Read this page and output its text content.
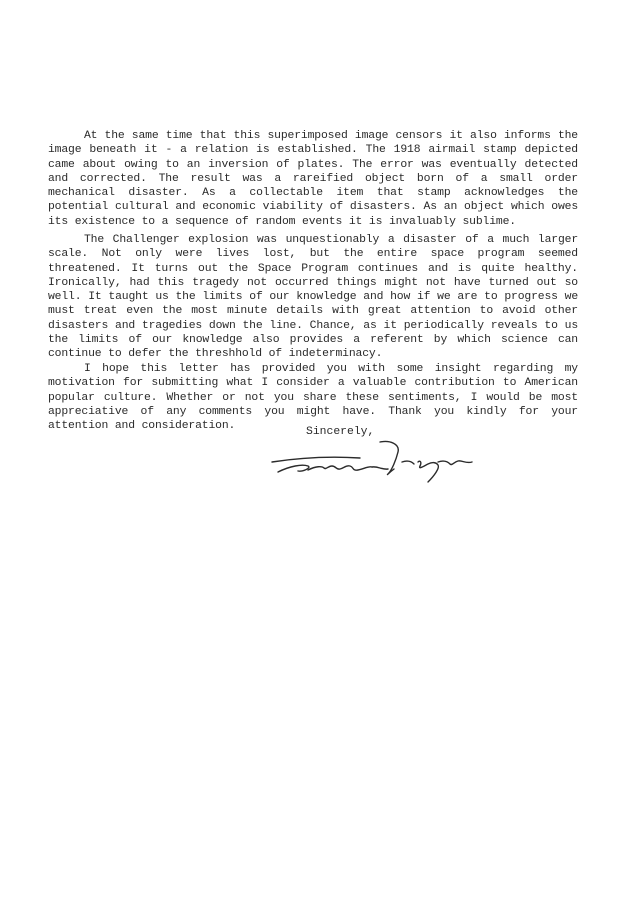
At the same time that this superimposed image censors it also informs the image beneath it - a relation is established. The 1918 airmail stamp depicted came about owing to an inversion of plates. The error was eventually detected and corrected. The result was a rareified object born of a small order mechanical disaster. As a collectable item that stamp acknowledges the potential cultural and economic viability of disasters. As an object which owes its existence to a sequence of random events it is invaluably sublime.

The Challenger explosion was unquestionably a disaster of a much larger scale. Not only were lives lost, but the entire space program seemed threatened. It turns out the Space Program continues and is quite healthy. Ironically, had this tragedy not occurred things might not have turned out so well. It taught us the limits of our knowledge and how if we are to progress we must treat even the most minute details with great attention to avoid other disasters and tragedies down the line. Chance, as it periodically reveals to us the limits of our knowledge also provides a referent by which science can continue to defer the threshhold of indeterminacy.

I hope this letter has provided you with some insight regarding my motivation for submitting what I consider a valuable contribution to American popular culture. Whether or not you share these sentiments, I would be most appreciative of any comments you might have. Thank you kindly for your attention and consideration.	Sincerely,
